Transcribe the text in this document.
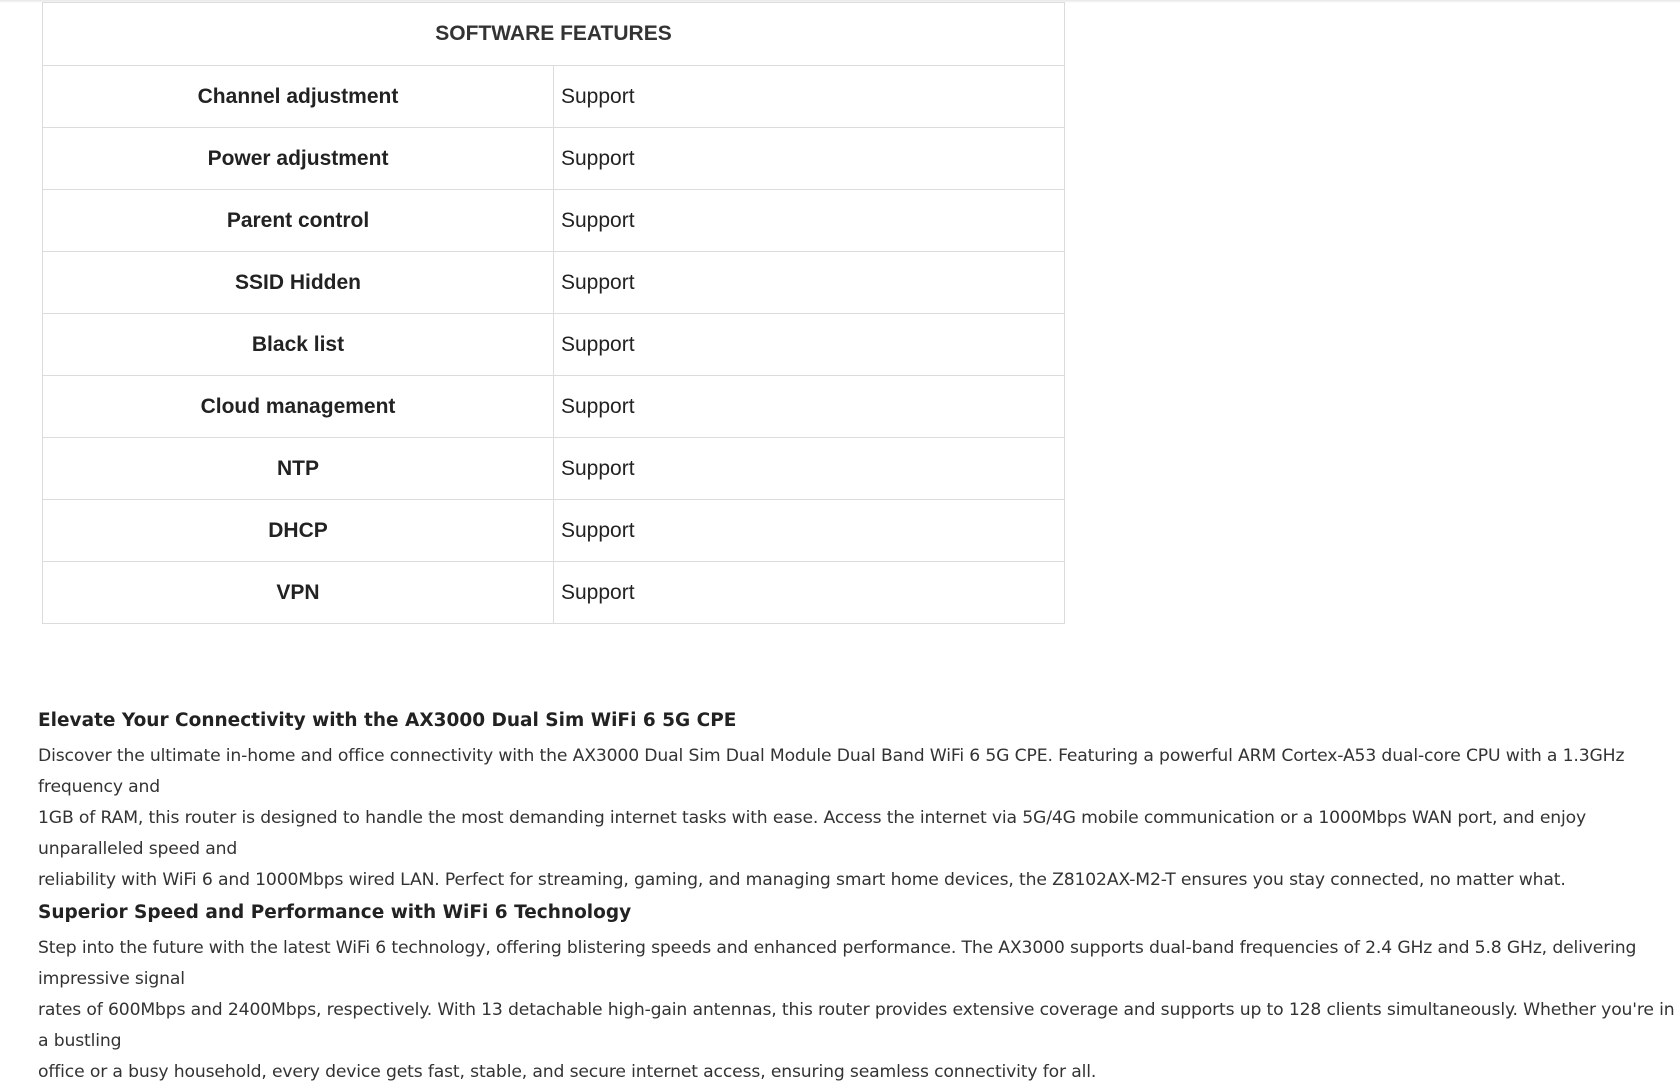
SOFTWARE FEATURES	
Channel adjustment	Support
Power adjustment	Support
Parent control	Support
SSID Hidden	Support
Black list	Support
Cloud management	Support
NTP	Support
DHCP	Support
VPN	Support
Elevate Your Connectivity with the AX3000 Dual Sim WiFi 6 5G CPE

Discover the ultimate in-home and office connectivity with the AX3000 Dual Sim Dual Module Dual Band WiFi 6 5G CPE. Featuring a powerful ARM Cortex-A53 dual-core CPU with a 1.3GHz frequency and
1GB of RAM, this router is designed to handle the most demanding internet tasks with ease. Access the internet via 5G/4G mobile communication or a 1000Mbps WAN port, and enjoy unparalleled speed and
reliability with WiFi 6 and 1000Mbps wired LAN. Perfect for streaming, gaming, and managing smart home devices, the Z8102AX-M2-T ensures you stay connected, no matter what.

Superior Speed and Performance with WiFi 6 Technology

Step into the future with the latest WiFi 6 technology, offering blistering speeds and enhanced performance. The AX3000 supports dual-band frequencies of 2.4 GHz and 5.8 GHz, delivering impressive signal
rates of 600Mbps and 2400Mbps, respectively. With 13 detachable high-gain antennas, this router provides extensive coverage and supports up to 128 clients simultaneously. Whether you're in a bustling
office or a busy household, every device gets fast, stable, and secure internet access, ensuring seamless connectivity for all.
